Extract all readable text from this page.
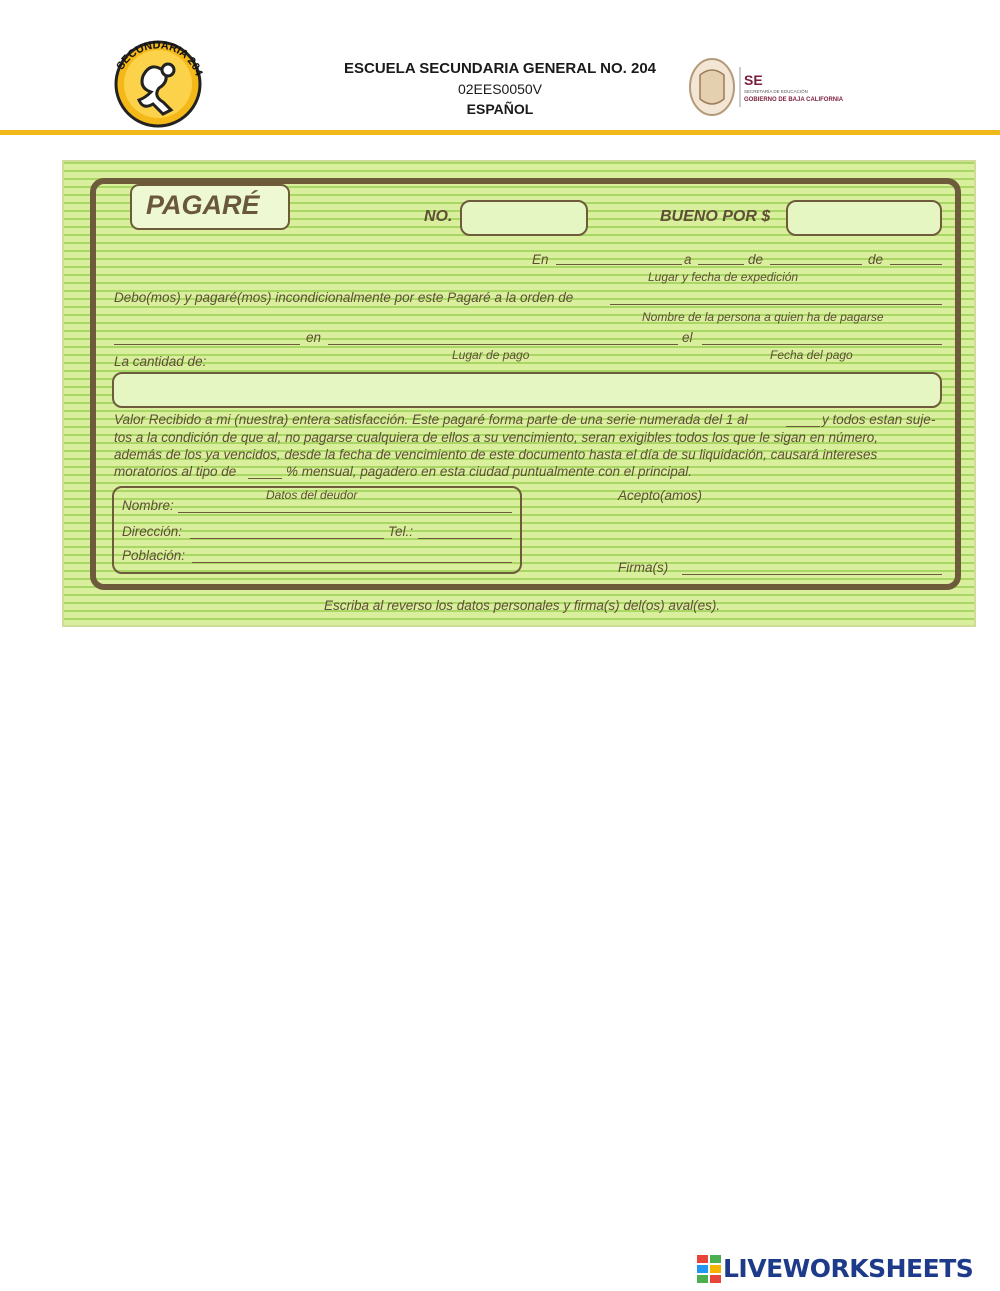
SECUNDARIA 204	ESCUELA SECUNDARIA GENERAL NO. 204
02EES0050V
ESPAÑOL
SE
SECRETARÍA DE EDUCACIÓN
GOBIERNO DE BAJA CALIFORNIA
PAGARÉ	NO.	BUENO POR $
En	a	de	de
Lugar y fecha de expedición
Debo(mos) y pagaré(mos) incondicionalmente por este Pagaré a la orden de
Nombre de la persona a quien ha de pagarse
en	el
Lugar de pago	Fecha del pago
La cantidad de:
Valor Recibido a mi (nuestra) entera satisfacción. Este pagaré forma parte de una serie numerada del 1 al	y todos estan suje-
tos a la condición de que al, no pagarse cualquiera de ellos a su vencimiento, seran exigibles todos los que le sigan en número,
además de los ya vencidos, desde la fecha de vencimiento de este documento hasta el día de su liquidación, causará intereses
moratorios al tipo de	% mensual, pagadero en esta ciudad puntualmente con el principal.
Datos del deudor
Nombre:
Dirección:	Tel.:
Población:
Acepto(amos)
Firma(s)
Escriba al reverso los datos personales y firma(s) del(os) aval(es).
LIVEWORKSHEETS
